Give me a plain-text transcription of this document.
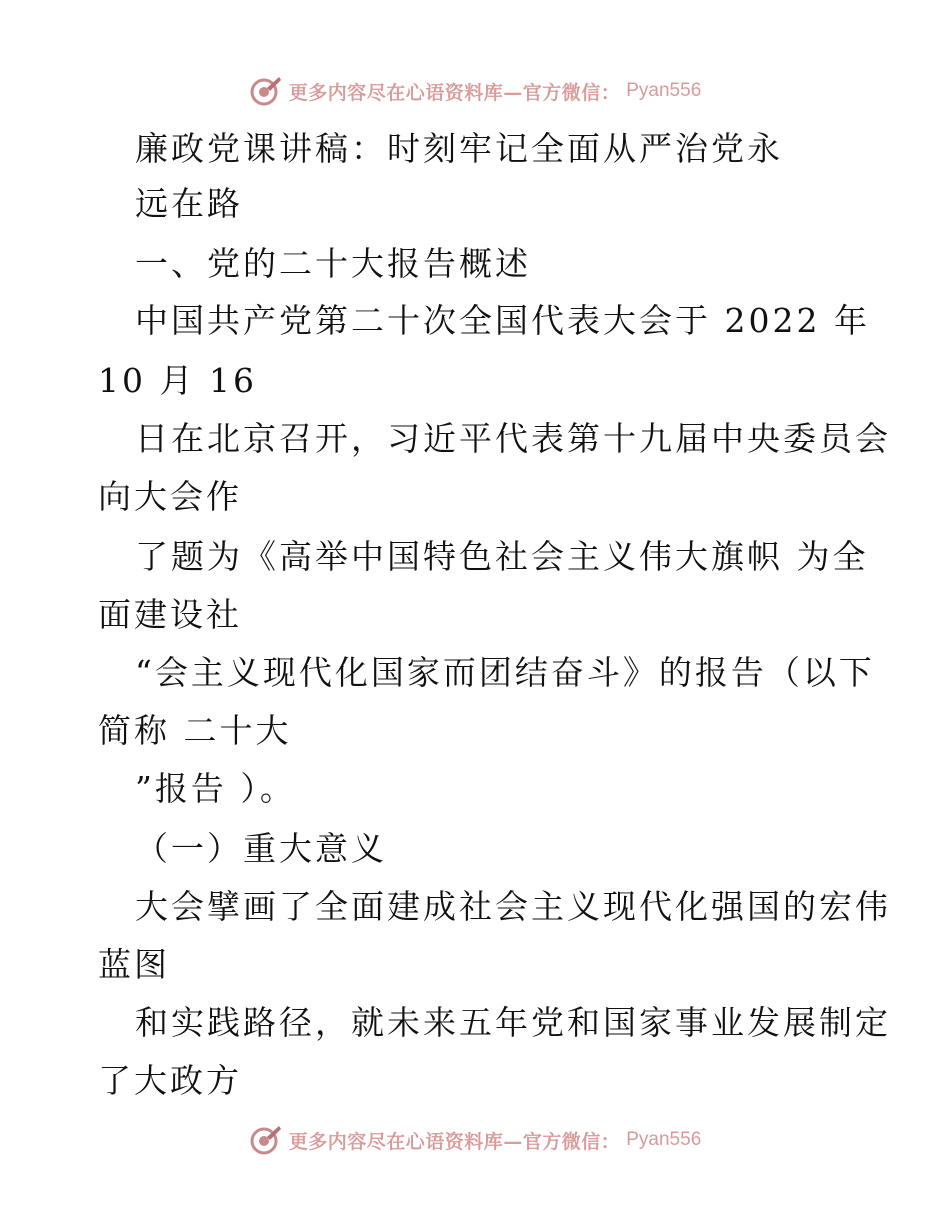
更多内容尽在心语资料库—官方微信： Pyan556
廉政党课讲稿：时刻牢记全面从严治党永
远在路
一、党的二十大报告概述
中国共产党第二十次全国代表大会于 2022 年
10 月 16
日在北京召开，习近平代表第十九届中央委员会
向大会作
了题为《高举中国特色社会主义伟大旗帜 为全
面建设社
“会主义现代化国家而团结奋斗》的报告（以下
简称 二十大
”报告 ）。
（一）重大意义
大会擘画了全面建成社会主义现代化强国的宏伟
蓝图
和实践路径，就未来五年党和国家事业发展制定
了大政方
更多内容尽在心语资料库—官方微信： Pyan556
